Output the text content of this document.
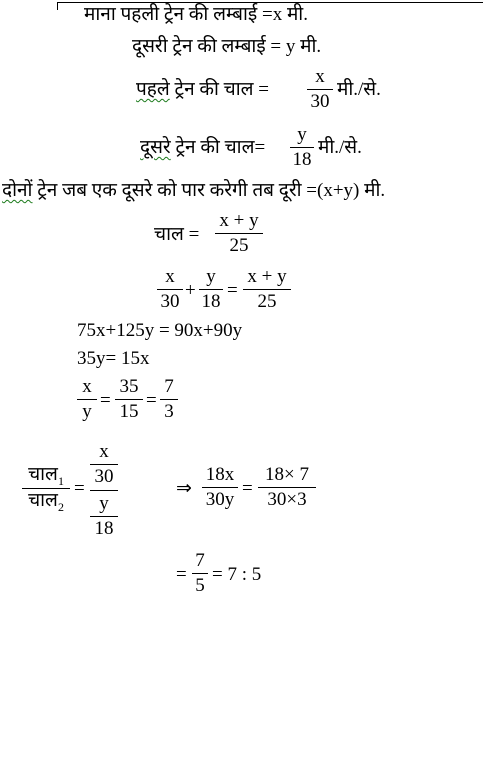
माना पहली ट्रेन की लम्बाई =x मी.
दूसरी ट्रेन की लम्बाई = y मी.
पहले ट्रेन की चाल =
x
30
मी./से.
दूसरे ट्रेन की चाल=
y
18
मी./से.
दोनों ट्रेन जब एक दूसरे को पार करेगी तब दूरी =(x+y) मी.
चाल =
x + y
25
x
30
+
y
18
=
x + y
25
75x+125y = 90x+90y
35y= 15x
x
y
=
35
15
=
7
3
चाल$_1$
चाल$_2$
=
x
30
y
18
⇒
18x
30y
=
18× 7
30×3
=
7
5
= 7 : 5
